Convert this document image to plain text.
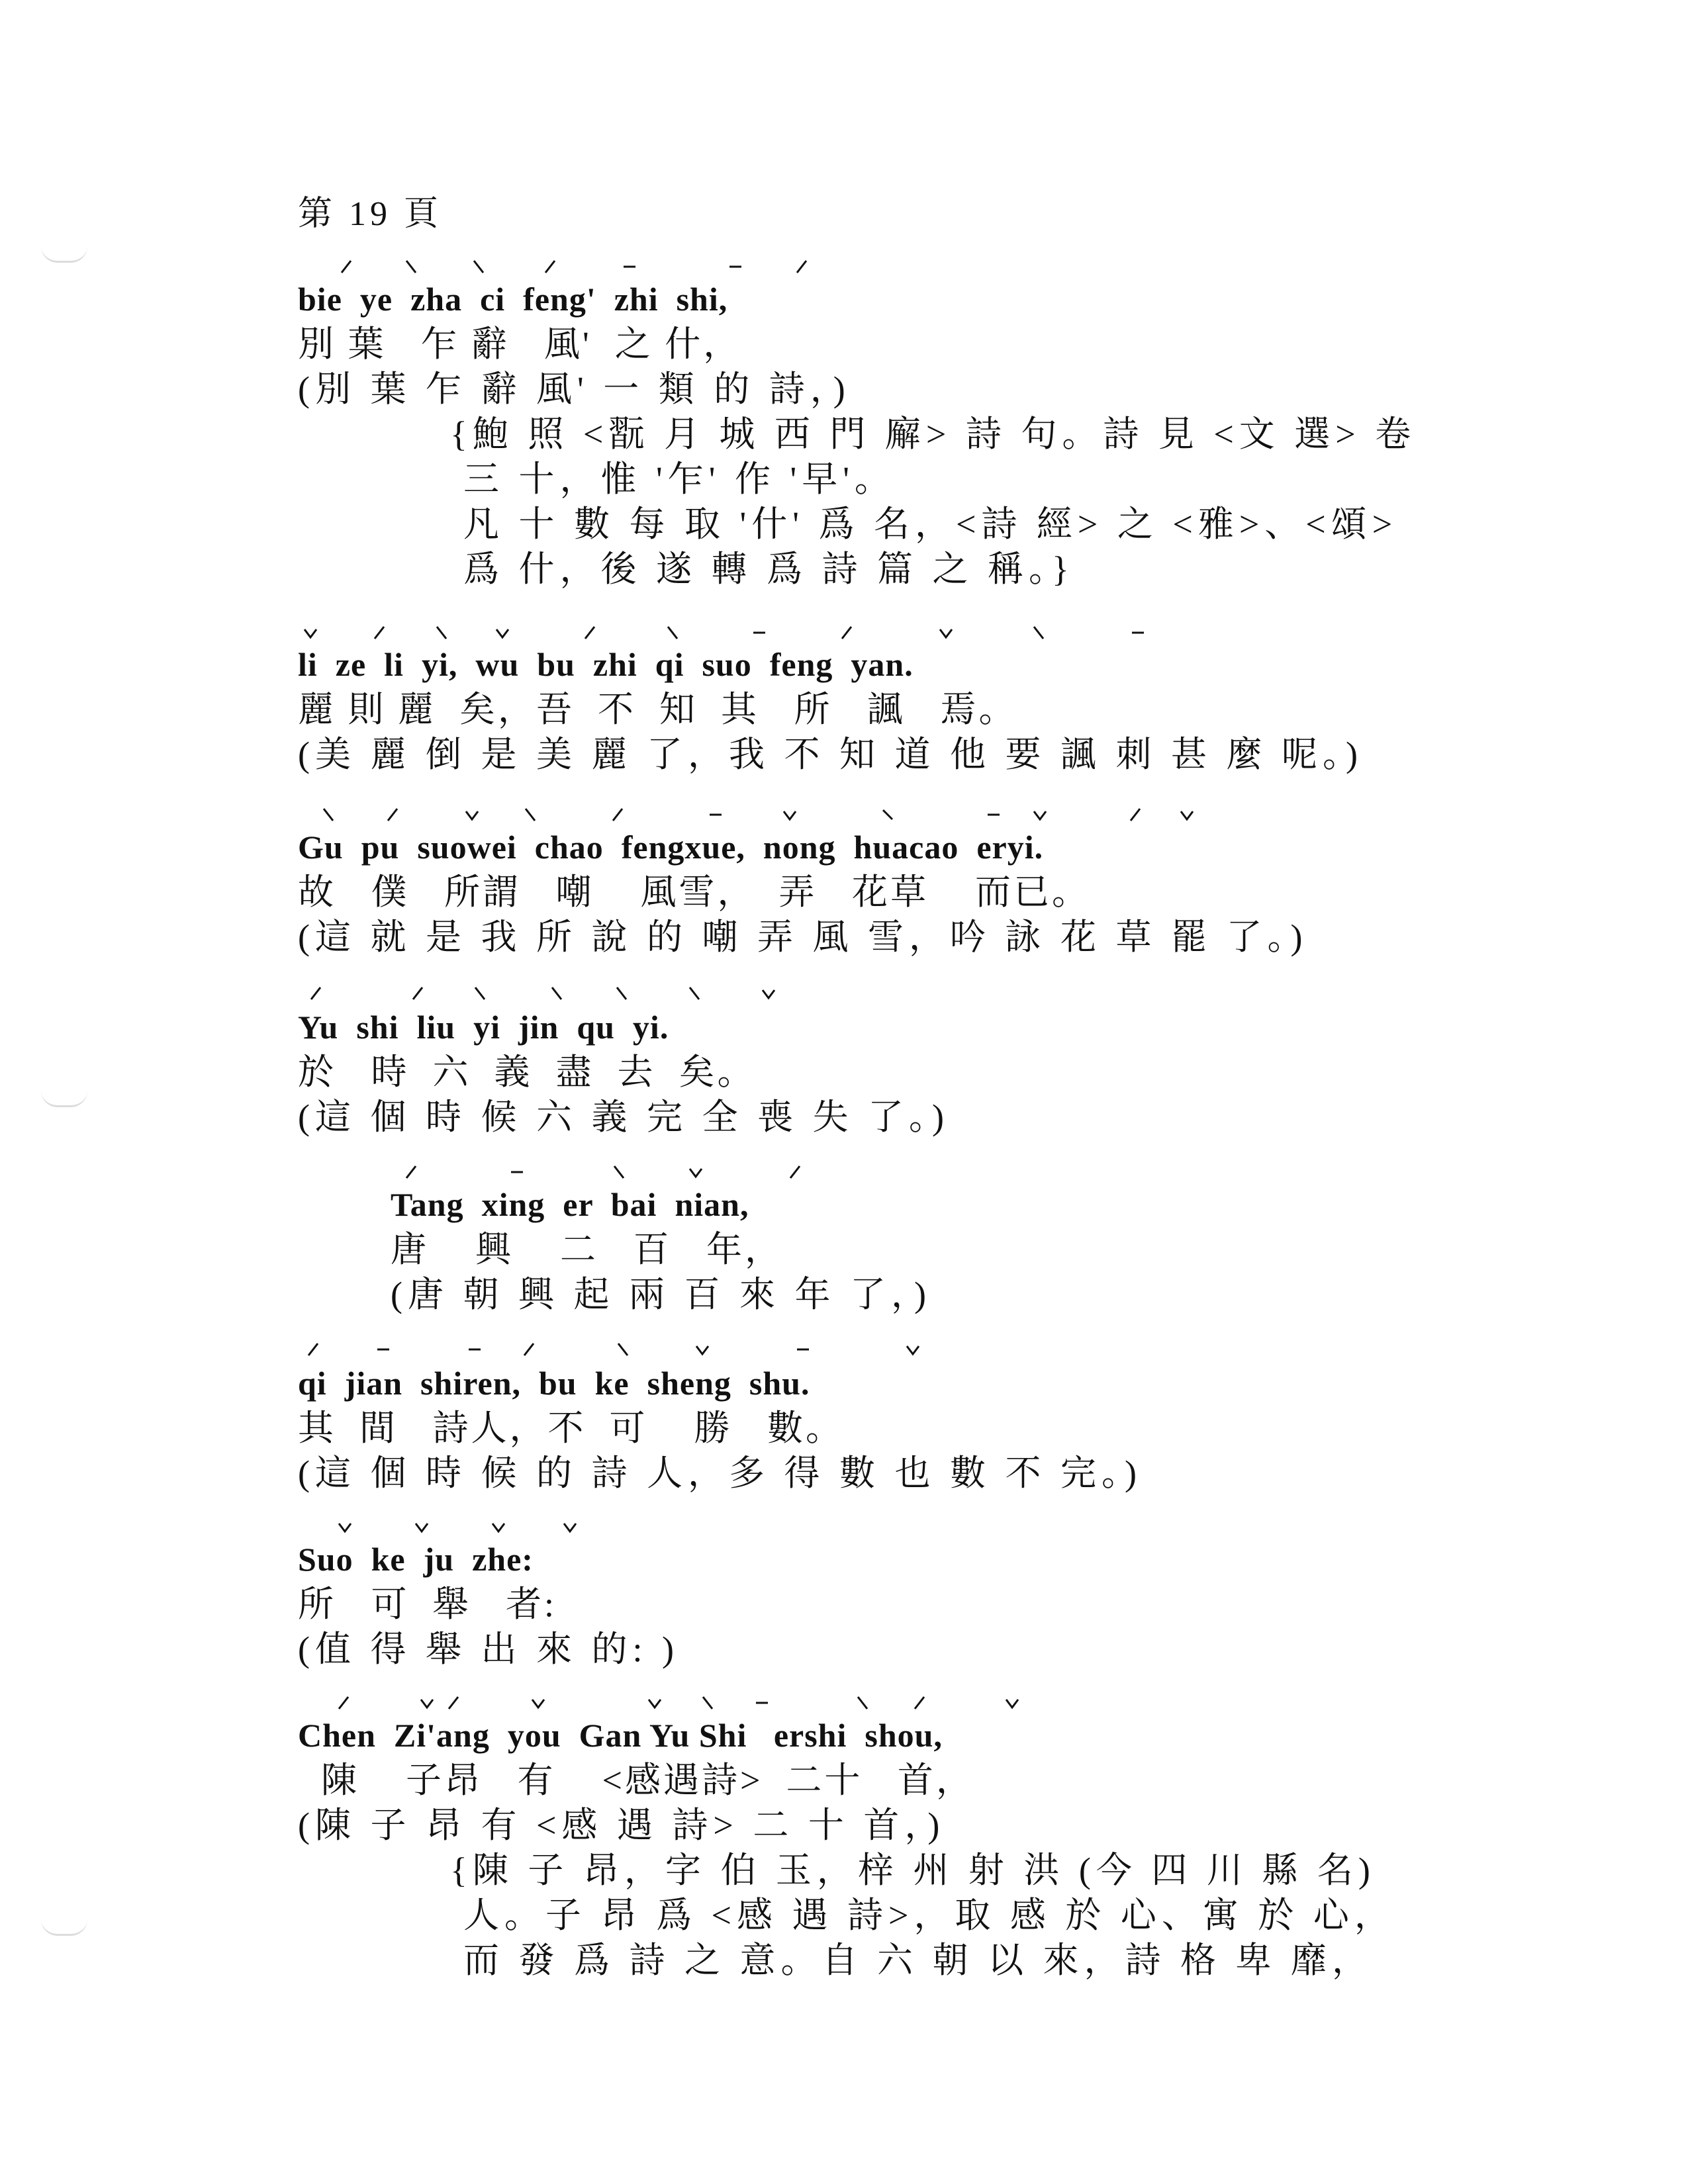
第 19 頁
bie  ye  zha  ci  feng'  zhi  shi,
別 葉   乍 辭   風'  之 什，
(別 葉 乍 辭 風' 一 類 的 詩，)
{鮑 照 <翫 月 城 西 門 廨> 詩 句。詩 見 <文 選> 卷
三 十，惟 '乍' 作 '早'。
凡 十 數 每 取 '什' 爲 名，<詩 經> 之 <雅>、<頌>
爲 什，後 遂 轉 爲 詩 篇 之 稱。}
li  ze  li  yi,  wu  bu  zhi  qi  suo  feng  yan.
麗 則 麗  矣，吾  不  知  其   所   諷   焉。
(美 麗 倒 是 美 麗 了，我 不 知 道 他 要 諷 刺 甚 麼 呢。)
Gu  pu  suowei  chao  fengxue,  nong  huacao  eryi.
故   僕   所謂   嘲    風雪，  弄   花草    而已。
(這 就 是 我 所 說 的 嘲 弄 風 雪，吟 詠 花 草 罷 了。)
Yu  shi  liu  yi  jin  qu  yi.
於   時  六  義  盡  去  矣。
(這 個 時 候 六 義 完 全 喪 失 了。)
Tang  xing  er  bai  nian,
唐    興    二   百   年，
(唐 朝 興 起 兩 百 來 年 了，)
qi  jian  shiren,  bu  ke  sheng  shu.
其  間   詩人，不  可    勝   數。
(這 個 時 候 的 詩 人，多 得 數 也 數 不 完。)
Suo  ke  ju  zhe:
所   可  舉   者:
(值 得 舉 出 來 的: )
Chen  Zi'ang  you  Gan Yu Shi   ershi  shou,
陳    子昂   有    <感遇詩>  二十   首，
(陳 子 昂 有 <感 遇 詩> 二 十 首，)
{陳 子 昂，字 伯 玉，梓 州 射 洪 (今 四 川 縣 名)
人。子 昂 爲 <感 遇 詩>，取 感 於 心、寓 於 心，
而 發 爲 詩 之 意。自 六 朝 以 來，詩 格 卑 靡，
